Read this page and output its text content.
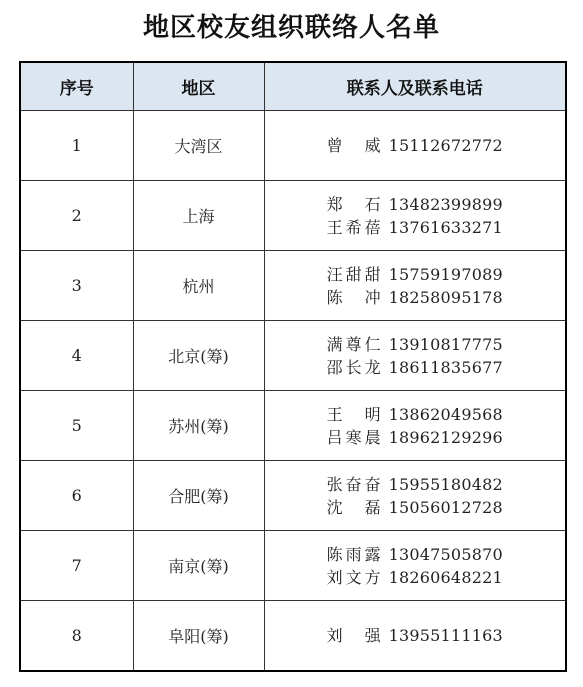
地区校友组织联络人名单
序号	地区	联系人及联系电话
1	大湾区	曾　威 15112672772

2	上海	郑　石 13482399899
王希蓓 13761633271

3	杭州	汪甜甜 15759197089
陈　冲 18258095178

4	北京(筹)	满尊仁 13910817775
邵长龙 18611835677

5	苏州(筹)	王　明 13862049568
吕寒晨 18962129296

6	合肥(筹)	张奋奋 15955180482
沈　磊 15056012728

7	南京(筹)	陈雨露 13047505870
刘文方 18260648221

8	阜阳(筹)	刘　强 13955111163
